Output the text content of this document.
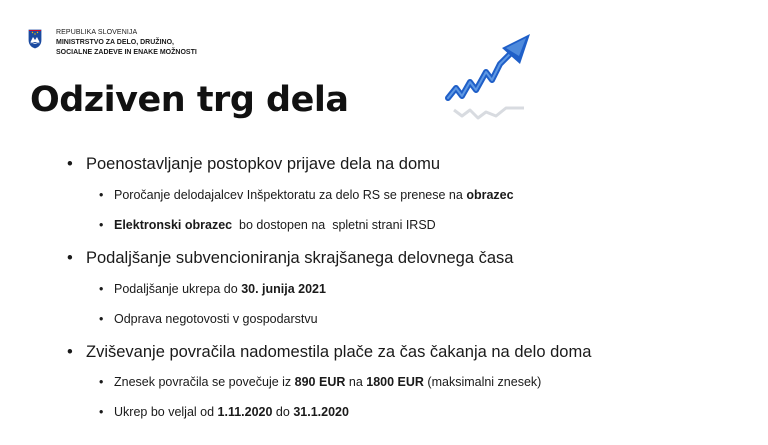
REPUBLIKA SLOVENIJA
MINISTRSTVO ZA DELO, DRUŽINO,
SOCIALNE ZADEVE IN ENAKE MOŽNOSTI
Odziven trg dela
• Poenostavljanje postopkov prijave dela na domu
• Poročanje delodajalcev Inšpektoratu za delo RS se prenese na obrazec
• Elektronski obrazec  bo dostopen na  spletni strani IRSD
• Podaljšanje subvencioniranja skrajšanega delovnega časa
• Podaljšanje ukrepa do 30. junija 2021
• Odprava negotovosti v gospodarstvu
• Zviševanje povračila nadomestila plače za čas čakanja na delo doma
• Znesek povračila se povečuje iz 890 EUR na 1800 EUR (maksimalni znesek)
• Ukrep bo veljal od 1.11.2020 do 31.1.2020
